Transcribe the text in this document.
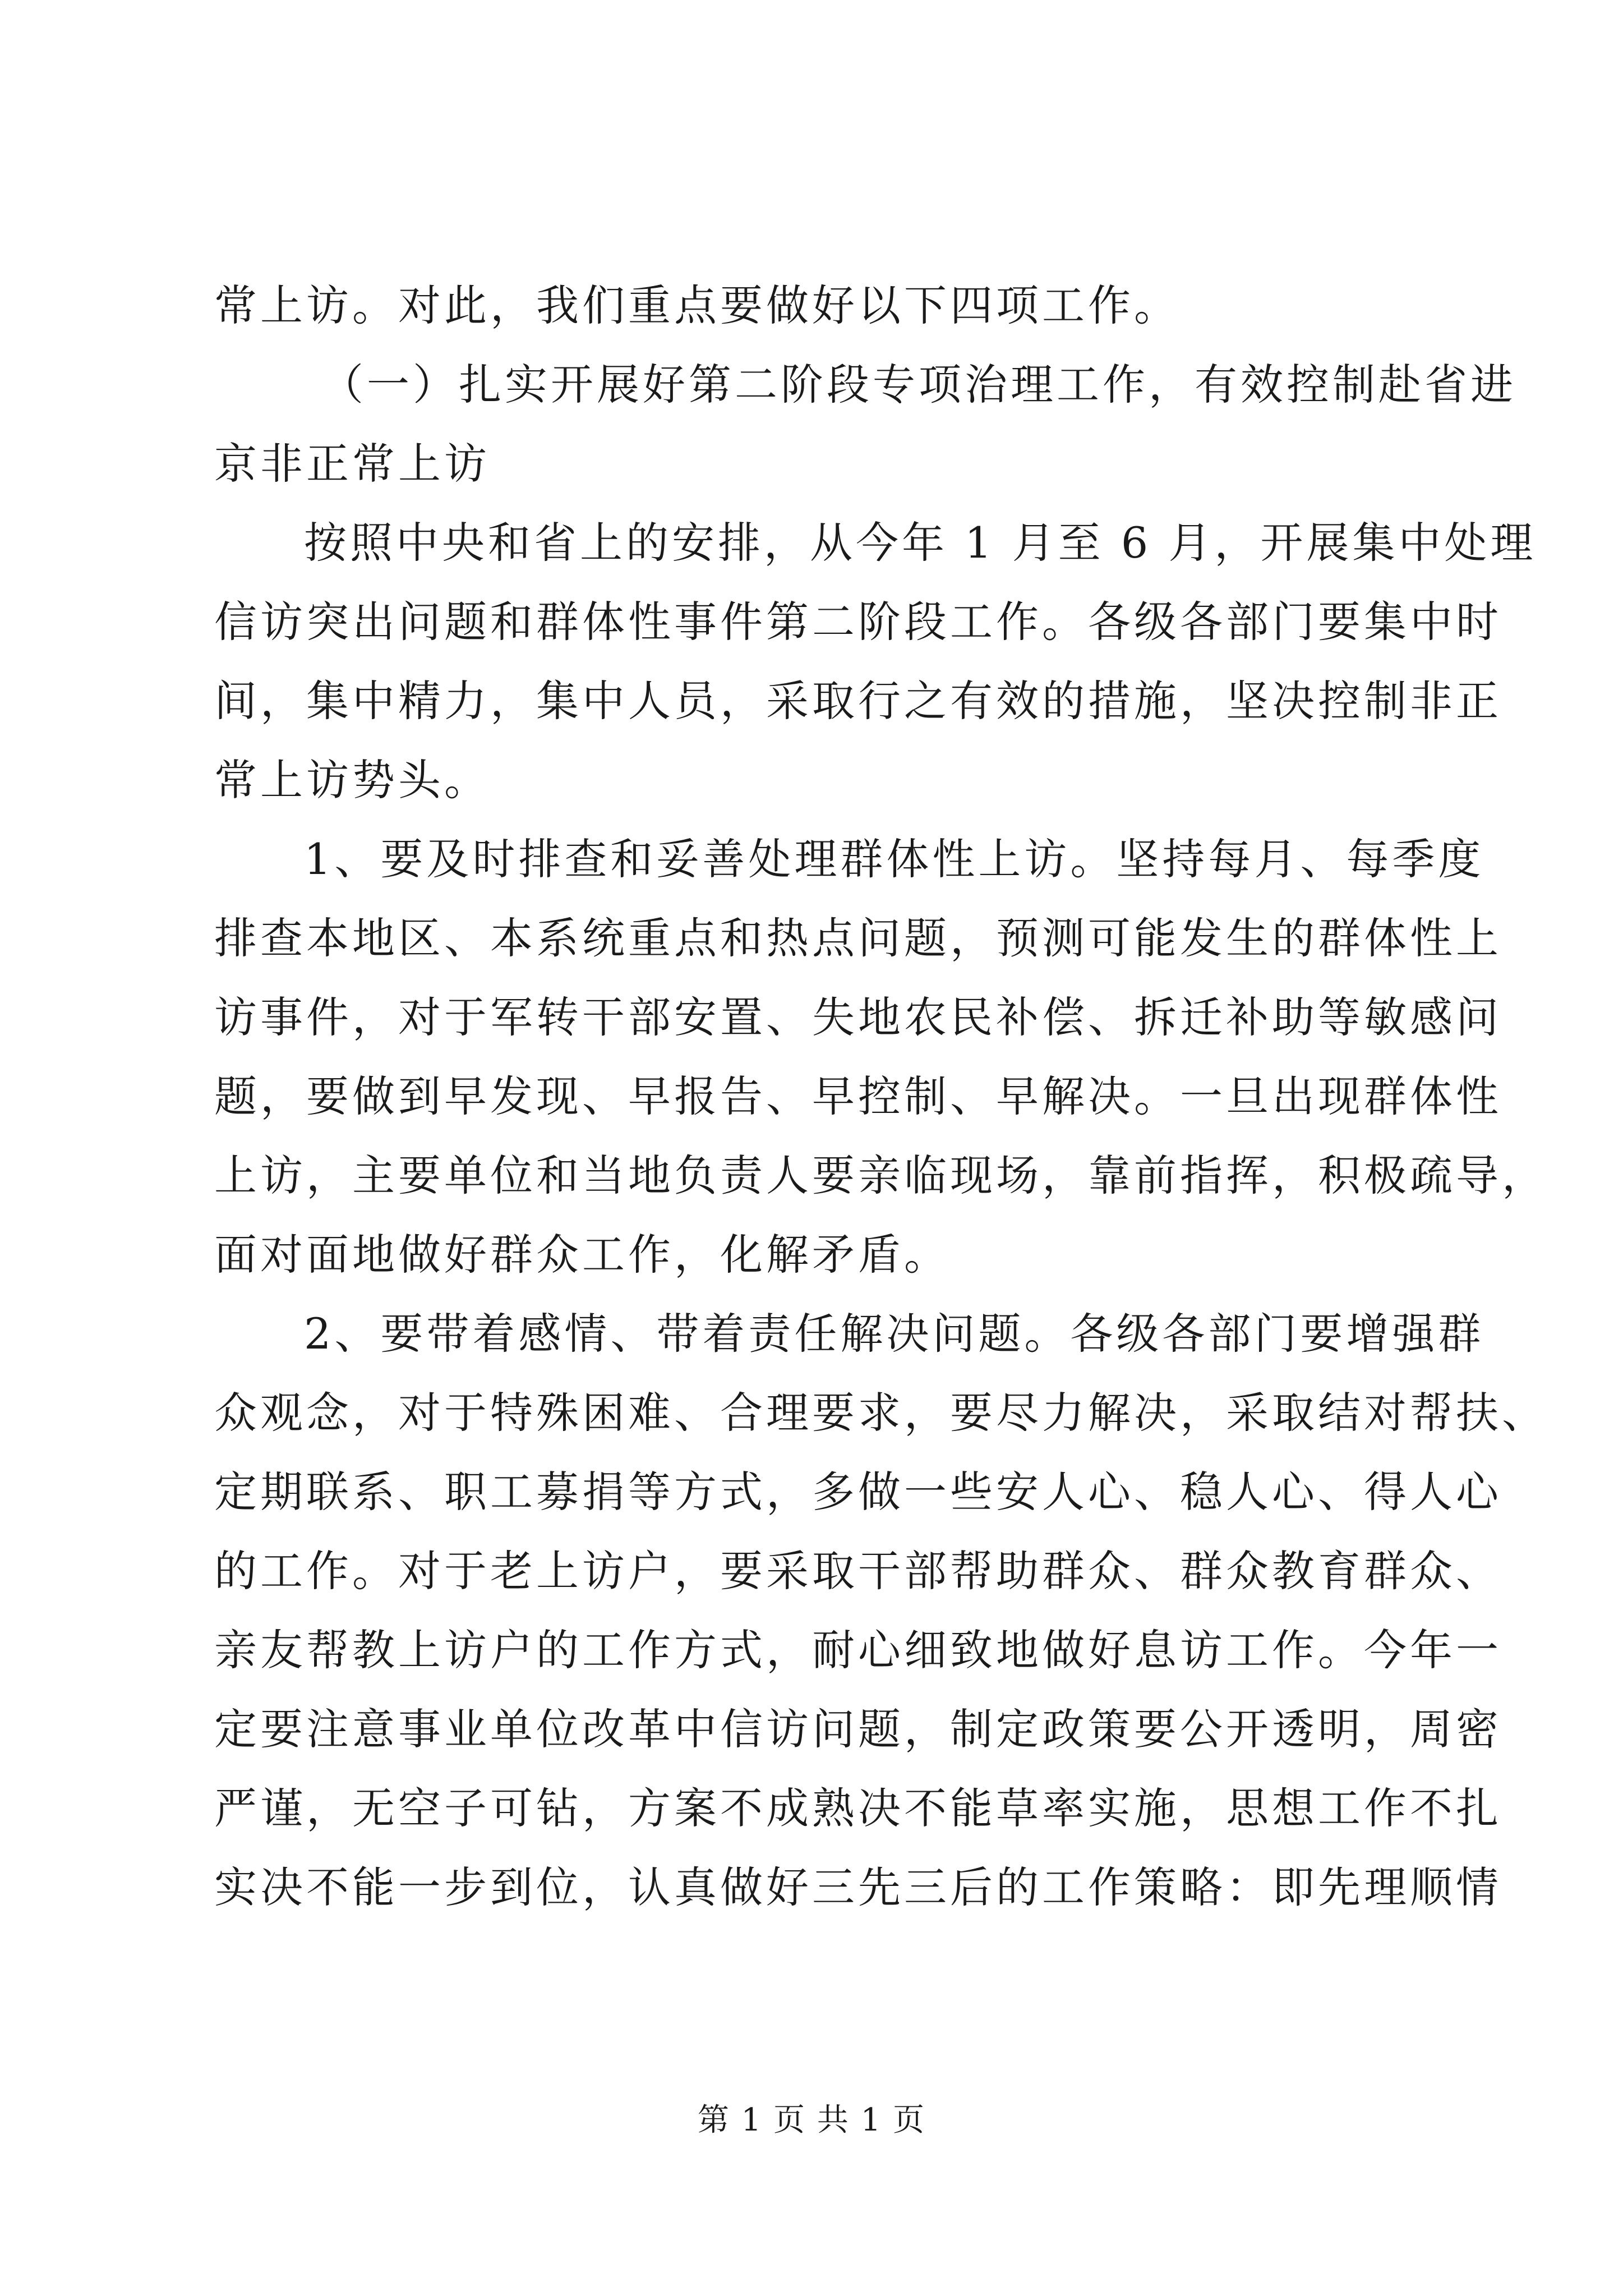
常上访。对此，我们重点要做好以下四项工作。
（一）扎实开展好第二阶段专项治理工作，有效控制赴省进
京非正常上访
按照中央和省上的安排，从今年 1 月至 6 月，开展集中处理
信访突出问题和群体性事件第二阶段工作。各级各部门要集中时
间，集中精力，集中人员，采取行之有效的措施，坚决控制非正
常上访势头。
1、要及时排查和妥善处理群体性上访。坚持每月、每季度
排查本地区、本系统重点和热点问题，预测可能发生的群体性上
访事件，对于军转干部安置、失地农民补偿、拆迁补助等敏感问
题，要做到早发现、早报告、早控制、早解决。一旦出现群体性
上访，主要单位和当地负责人要亲临现场，靠前指挥，积极疏导，
面对面地做好群众工作，化解矛盾。
2、要带着感情、带着责任解决问题。各级各部门要增强群
众观念，对于特殊困难、合理要求，要尽力解决，采取结对帮扶、
定期联系、职工募捐等方式，多做一些安人心、稳人心、得人心
的工作。对于老上访户，要采取干部帮助群众、群众教育群众、
亲友帮教上访户的工作方式，耐心细致地做好息访工作。今年一
定要注意事业单位改革中信访问题，制定政策要公开透明，周密
严谨，无空子可钻，方案不成熟决不能草率实施，思想工作不扎
实决不能一步到位，认真做好三先三后的工作策略：即先理顺情
第 1 页 共 1 页
